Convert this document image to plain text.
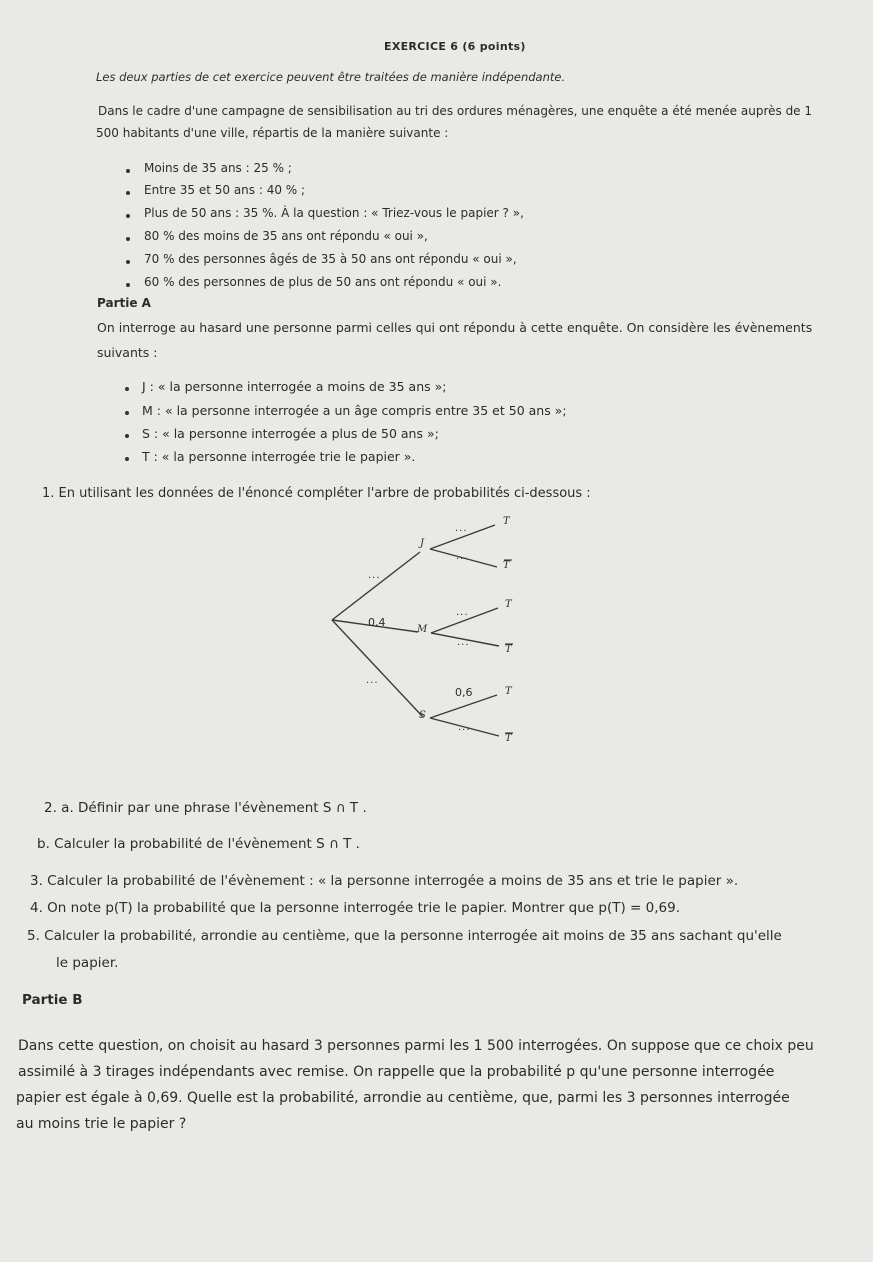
EXERCICE 6 (6 points)
Les deux parties de cet exercice peuvent être traitées de manière indépendante.
Dans le cadre d'une campagne de sensibilisation au tri des ordures ménagères, une enquête a été menée auprès de 1
500 habitants d'une ville, répartis de la manière suivante :
Moins de 35 ans : 25 % ;
Entre 35 et 50 ans : 40 % ;
Plus de 50 ans : 35 %. À la question : « Triez-vous le papier ? »,
80 % des moins de 35 ans ont répondu « oui »,
70 % des personnes âgés de 35 à 50 ans ont répondu « oui »,
60 % des personnes de plus de 50 ans ont répondu « oui ».
Partie A
On interroge au hasard une personne parmi celles qui ont répondu à cette enquête. On considère les évènements
suivants :
J : « la personne interrogée a moins de 35 ans »;
M : « la personne interrogée a un âge compris entre 35 et 50 ans »;
S : « la personne interrogée a plus de 50 ans »;
T : « la personne interrogée trie le papier ».
1. En utilisant les données de l'énoncé compléter l'arbre de probabilités ci-dessous :
J
M
S
T
T
T
T
T
T
0,4
0,6
...
...
...
...
...
...
...
2. a. Définir par une phrase l'évènement S ∩ T .
b. Calculer la probabilité de l'évènement S ∩ T .
3. Calculer la probabilité de l'évènement : « la personne interrogée a moins de 35 ans et trie le papier ».
4. On note p(T) la probabilité que la personne interrogée trie le papier. Montrer que p(T) = 0,69.
5. Calculer la probabilité, arrondie au centième, que la personne interrogée ait moins de 35 ans sachant qu'elle
le papier.
Partie B
Dans cette question, on choisit au hasard 3 personnes parmi les 1 500 interrogées. On suppose que ce choix peu
assimilé à 3 tirages indépendants avec remise. On rappelle que la probabilité p qu'une personne interrogée
papier est égale à 0,69. Quelle est la probabilité, arrondie au centième, que, parmi les 3 personnes interrogée
au moins trie le papier ?
